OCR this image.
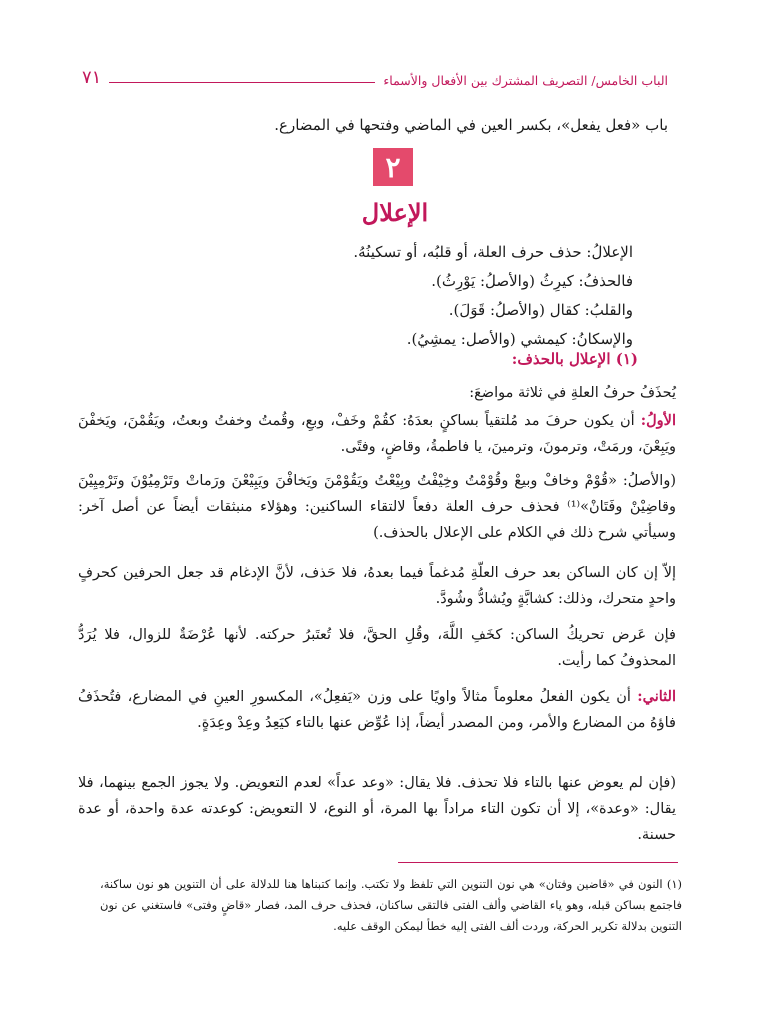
الباب الخامس/ التصريف المشترك بين الأفعال والأسماء
٧١
باب «فعل يفعل»، بكسر العين في الماضي وفتحها في المضارع.
٢
الإعلال
الإعلالُ: حذف حرف العلة، أو قلبُه، أو تسكينُهُ.
فالحذفُ: كيرِثُ (والأصلُ: يَوْرِثُ).
والقلبُ: كقال (والأصلُ: قَوَلَ).
والإسكانُ: كيمشي (والأصل: يمشِيُ).
(١) الإعلال بالحذف:
يُحذَفُ حرفُ العلةِ في ثلاثة مواضعَ:
الأولُ: أن يكون حرفَ مد مُلتقياً بساكنٍ بعدَهُ: كقُمْ وخَفْ، وبعِ، وقُمتُ وخفتُ وبعتُ، ويَقُمْنَ، ويَخفْنَ ويَبِعْنَ، ورمَتْ، وترمونَ، وترمينَ، يا فاطمةُ، وقاضٍ، وفتًى.
(والأصلُ: «قُوْمْ وخافْ وبيعْ وقُوْمْتُ وخِيْفْتُ وبِيْعْتُ ويَقُوْمْنَ ويَخافْنَ ويَبِيْعْنَ ورَماتْ وتَرْمِيُوْنَ وتَرْمِيِيْنَ وقاضِيْنْ وفَتَانْ»⁽¹⁾ فحذف حرف العلة دفعاً لالتقاء الساكنين: وهؤلاء منبثقات أيضاً عن أصل آخر: وسيأتي شرح ذلك في الكلام على الإعلال بالحذف.)
إلاّ إن كان الساكن بعد حرف العلّةِ مُدغماً فيما بعدهُ، فلا حَذف، لأنَّ الإدغام قد جعل الحرفين كحرفٍ واحدٍ متحرك، وذلك: كشابَّةٍ ويُشادُّ وشُودَّ.
فإن عَرض تحريكُ الساكن: كخَفِ اللَّهَ، وقُلِ الحقَّ، فلا تُعتَبرُ حركته. لأنها عُرْضَةٌ للزوال، فلا يُرَدُّ المحذوفُ كما رأيت.
الثاني: أن يكون الفعلُ معلوماً مثالاً واويًا على وزن «يَفعِلُ»، المكسورِ العينِ في المضارع، فتُحذَفُ فاؤهُ من المضارع والأمر، ومن المصدر أيضاً، إذا عُوِّض عنها بالتاء كيَعِدُ وعِدْ وعِدَةٍ.
(فإن لم يعوض عنها بالتاء فلا تحذف. فلا يقال: «وعد عداً» لعدم التعويض. ولا يجوز الجمع بينهما، فلا يقال: «وعدة»، إلا أن تكون التاء مراداً بها المرة، أو النوع، لا التعويض: كوعدته عدة واحدة، أو عدة حسنة.
(١) النون في «قاضين وفتان» هي نون التنوين التي تلفظ ولا تكتب. وإنما كتبناها هنا للدلالة على أن التنوين هو نون ساكنة، فاجتمع بساكن قبله، وهو ياء القاضي وألف الفتى فالتقى ساكنان، فحذف حرف المد، فصار «قاضٍ وفتى» فاستغني عن نون التنوين بدلالة تكرير الحركة، وردت ألف الفتى إليه خطأ ليمكن الوقف عليه.
